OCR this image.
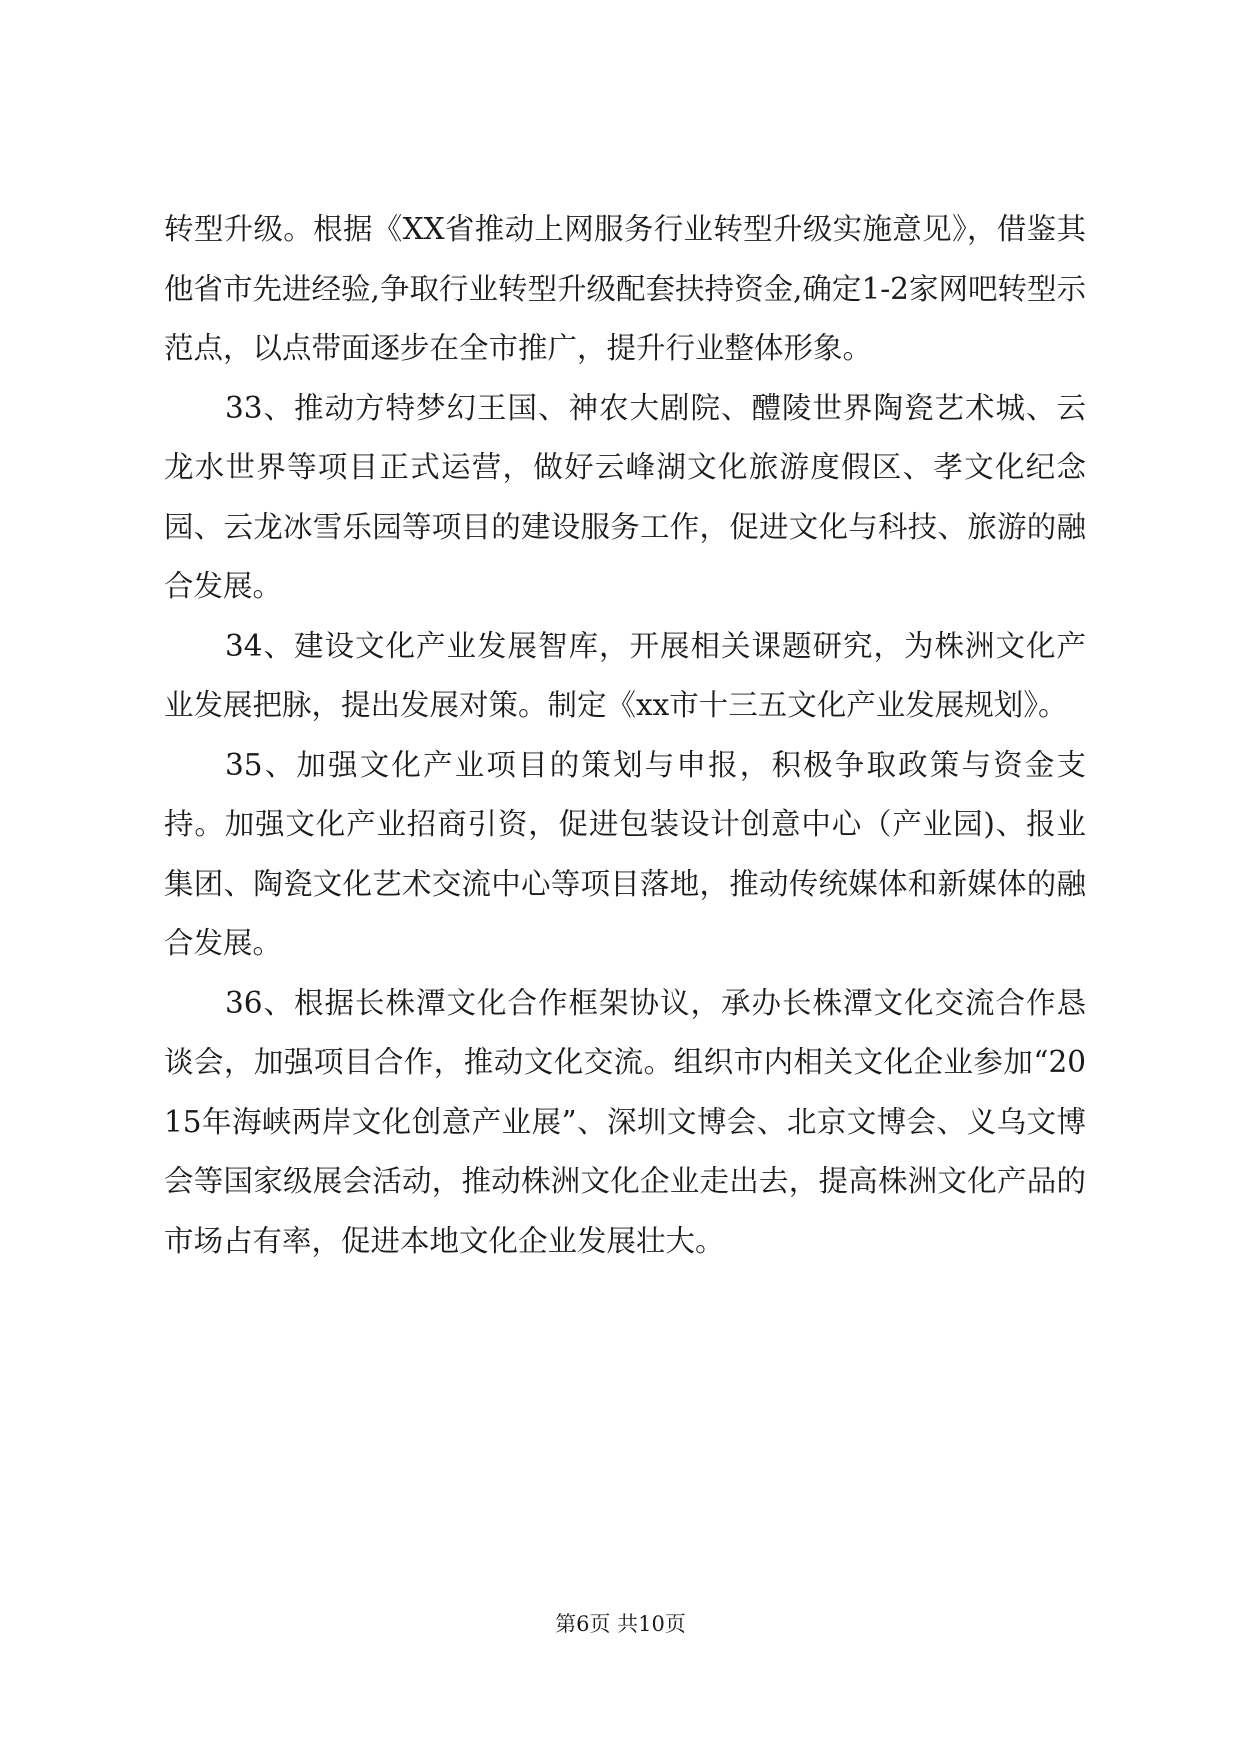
转型升级。根据《XX省推动上网服务行业转型升级实施意见》，借鉴其他省市先进经验,争取行业转型升级配套扶持资金,确定1-2家网吧转型示范点，以点带面逐步在全市推广，提升行业整体形象。

33、推动方特梦幻王国、神农大剧院、醴陵世界陶瓷艺术城、云龙水世界等项目正式运营，做好云峰湖文化旅游度假区、孝文化纪念园、云龙冰雪乐园等项目的建设服务工作，促进文化与科技、旅游的融合发展。

34、建设文化产业发展智库，开展相关课题研究，为株洲文化产业发展把脉，提出发展对策。制定《xx市十三五文化产业发展规划》。

35、加强文化产业项目的策划与申报，积极争取政策与资金支持。加强文化产业招商引资，促进包装设计创意中心（产业园)、报业集团、陶瓷文化艺术交流中心等项目落地，推动传统媒体和新媒体的融合发展。

36、根据长株潭文化合作框架协议，承办长株潭文化交流合作恳谈会，加强项目合作，推动文化交流。组织市内相关文化企业参加“2015年海峡两岸文化创意产业展”、深圳文博会、北京文博会、义乌文博会等国家级展会活动，推动株洲文化企业走出去，提高株洲文化产品的市场占有率，促进本地文化企业发展壮大。

第6页 共10页
